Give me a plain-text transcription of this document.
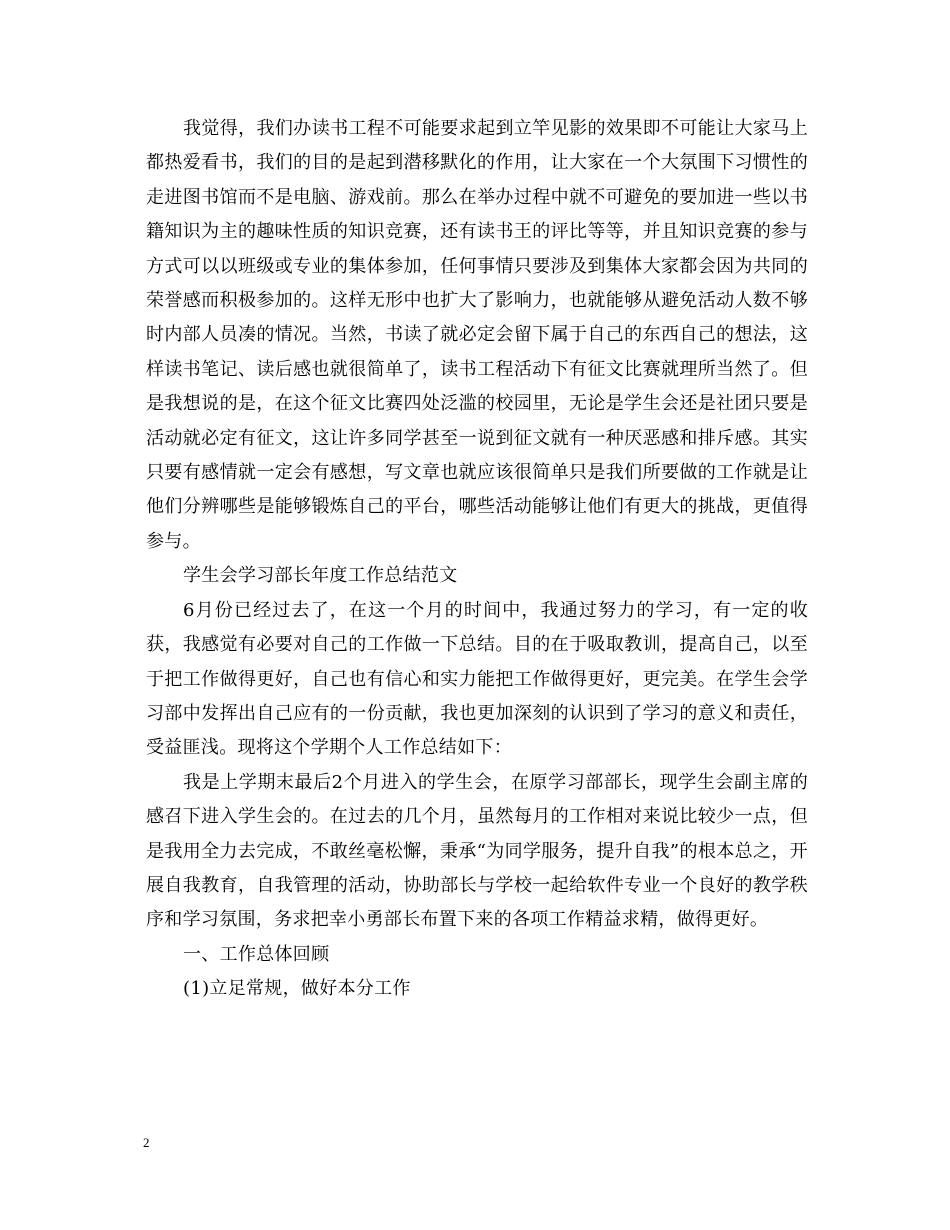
我觉得，我们办读书工程不可能要求起到立竿见影的效果即不可能让大家马上都热爱看书，我们的目的是起到潜移默化的作用，让大家在一个大氛围下习惯性的走进图书馆而不是电脑、游戏前。那么在举办过程中就不可避免的要加进一些以书籍知识为主的趣味性质的知识竞赛，还有读书王的评比等等，并且知识竞赛的参与方式可以以班级或专业的集体参加，任何事情只要涉及到集体大家都会因为共同的荣誉感而积极参加的。这样无形中也扩大了影响力，也就能够从避免活动人数不够时内部人员凑的情况。当然，书读了就必定会留下属于自己的东西自己的想法，这样读书笔记、读后感也就很简单了，读书工程活动下有征文比赛就理所当然了。但是我想说的是，在这个征文比赛四处泛滥的校园里，无论是学生会还是社团只要是活动就必定有征文，这让许多同学甚至一说到征文就有一种厌恶感和排斥感。其实只要有感情就一定会有感想，写文章也就应该很简单只是我们所要做的工作就是让他们分辨哪些是能够锻炼自己的平台，哪些活动能够让他们有更大的挑战，更值得参与。

学生会学习部长年度工作总结范文

6月份已经过去了，在这一个月的时间中，我通过努力的学习，有一定的收获，我感觉有必要对自己的工作做一下总结。目的在于吸取教训，提高自己，以至于把工作做得更好，自己也有信心和实力能把工作做得更好，更完美。在学生会学习部中发挥出自己应有的一份贡献，我也更加深刻的认识到了学习的意义和责任，受益匪浅。现将这个学期个人工作总结如下：

我是上学期末最后2个月进入的学生会，在原学习部部长，现学生会副主席的感召下进入学生会的。在过去的几个月，虽然每月的工作相对来说比较少一点，但是我用全力去完成，不敢丝毫松懈，秉承“为同学服务，提升自我”的根本总之，开展自我教育，自我管理的活动，协助部长与学校一起给软件专业一个良好的教学秩序和学习氛围，务求把幸小勇部长布置下来的各项工作精益求精，做得更好。

一、工作总体回顾

(1)立足常规，做好本分工作

2
